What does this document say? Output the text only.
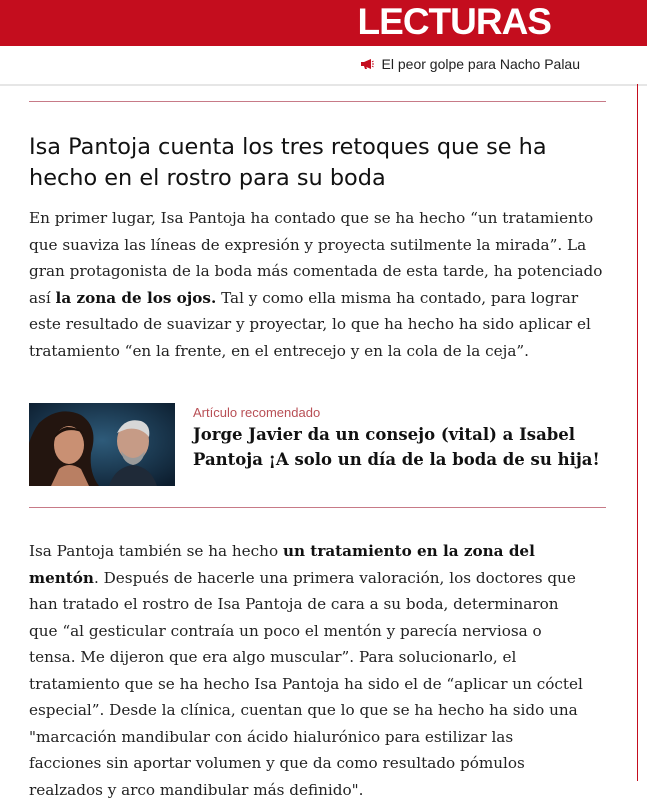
LECTURAS
El peor golpe para Nacho Palau
Isa Pantoja cuenta los tres retoques que se ha hecho en el rostro para su boda

En primer lugar, Isa Pantoja ha contado que se ha hecho “un tratamiento que suaviza las líneas de expresión y proyecta sutilmente la mirada”. La gran protagonista de la boda más comentada de esta tarde, ha potenciado así la zona de los ojos. Tal y como ella misma ha contado, para lograr este resultado de suavizar y proyectar, lo que ha hecho ha sido aplicar el tratamiento “en la frente, en el entrecejo y en la cola de la ceja”.

Artículo recomendado
Jorge Javier da un consejo (vital) a Isabel Pantoja ¡A solo un día de la boda de su hija!

Isa Pantoja también se ha hecho un tratamiento en la zona del mentón. Después de hacerle una primera valoración, los doctores que han tratado el rostro de Isa Pantoja de cara a su boda, determinaron que “al gesticular contraía un poco el mentón y parecía nerviosa o tensa. Me dijeron que era algo muscular”. Para solucionarlo, el tratamiento que se ha hecho Isa Pantoja ha sido el de “aplicar un cóctel especial”. Desde la clínica, cuentan que lo que se ha hecho ha sido una "marcación mandibular con ácido hialurónico para estilizar las facciones sin aportar volumen y que da como resultado pómulos realzados y arco mandibular más definido".
